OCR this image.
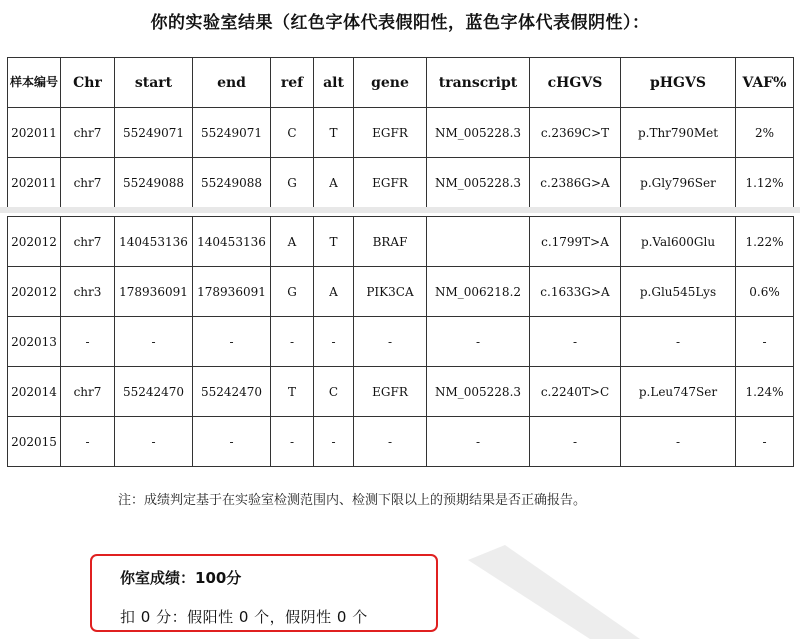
你的实验室结果（红色字体代表假阳性，蓝色字体代表假阴性）：
样本编号	Chr	start	end	ref	alt	gene	transcript	cHGVS	pHGVS	VAF%
202011	chr7	55249071	55249071	C	T	EGFR	NM_005228.3	c.2369C>T	p.Thr790Met	2%
202011	chr7	55249088	55249088	G	A	EGFR	NM_005228.3	c.2386G>A	p.Gly796Ser	1.12%
202012	chr7	140453136	140453136	A	T	BRAF		c.1799T>A	p.Val600Glu	1.22%
202012	chr3	178936091	178936091	G	A	PIK3CA	NM_006218.2	c.1633G>A	p.Glu545Lys	0.6%
202013	-	-	-	-	-	-	-	-	-	-
202014	chr7	55242470	55242470	T	C	EGFR	NM_005228.3	c.2240T>C	p.Leu747Ser	1.24%
202015	-	-	-	-	-	-	-	-	-	-
注：成绩判定基于在实验室检测范围内、检测下限以上的预期结果是否正确报告。
你室成绩：100分
扣 0 分：假阳性 0 个，假阴性 0 个
